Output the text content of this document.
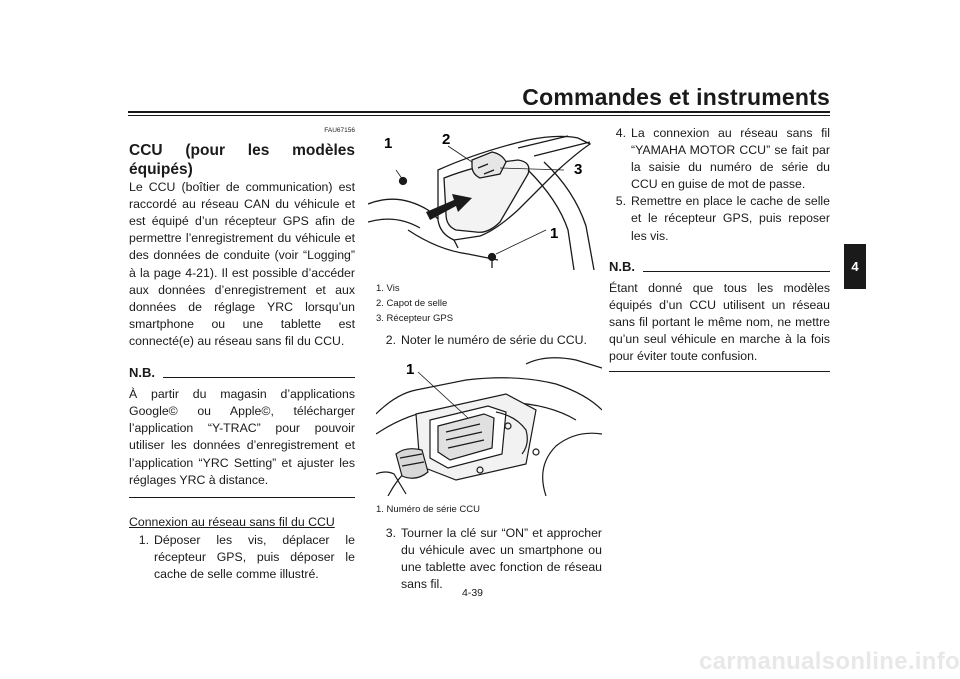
Commandes et instruments
4
FAU67156
CCU (pour les modèles équipés)
Le CCU (boîtier de communication) est raccordé au réseau CAN du véhicule et est équipé d’un récepteur GPS afin de permettre l’enregistrement du véhicule et des données de conduite (voir “Logging” à la page 4-21). Il est possible d’accéder aux données d’enregistrement et aux données de réglage YRC lorsqu’un smartphone ou une tablette est connecté(e) au réseau sans fil du CCU.
N.B.
À partir du magasin d’applications Google© ou Apple©, télécharger l’application “Y-TRAC” pour pouvoir utiliser les données d’enregistrement et l’application “YRC Setting” et ajuster les réglages YRC à distance.
Connexion au réseau sans fil du CCU
1. Déposer les vis, déplacer le récepteur GPS, puis déposer le cache de selle comme illustré.
1	2
3
1
1. Vis
2. Capot de selle
3. Récepteur GPS
2. Noter le numéro de série du CCU.
1
1. Numéro de série CCU
3. Tourner la clé sur “ON” et approcher du véhicule avec un smartphone ou une tablette avec fonction de réseau sans fil.
4. La connexion au réseau sans fil “YAMAHA MOTOR CCU” se fait par la saisie du numéro de série du CCU en guise de mot de passe.
5. Remettre en place le cache de selle et le récepteur GPS, puis reposer les vis.
N.B.
Étant donné que tous les modèles équipés d’un CCU utilisent un réseau sans fil portant le même nom, ne mettre qu’un seul véhicule en marche à la fois pour éviter toute confusion.
4-39
carmanualsonline.info
